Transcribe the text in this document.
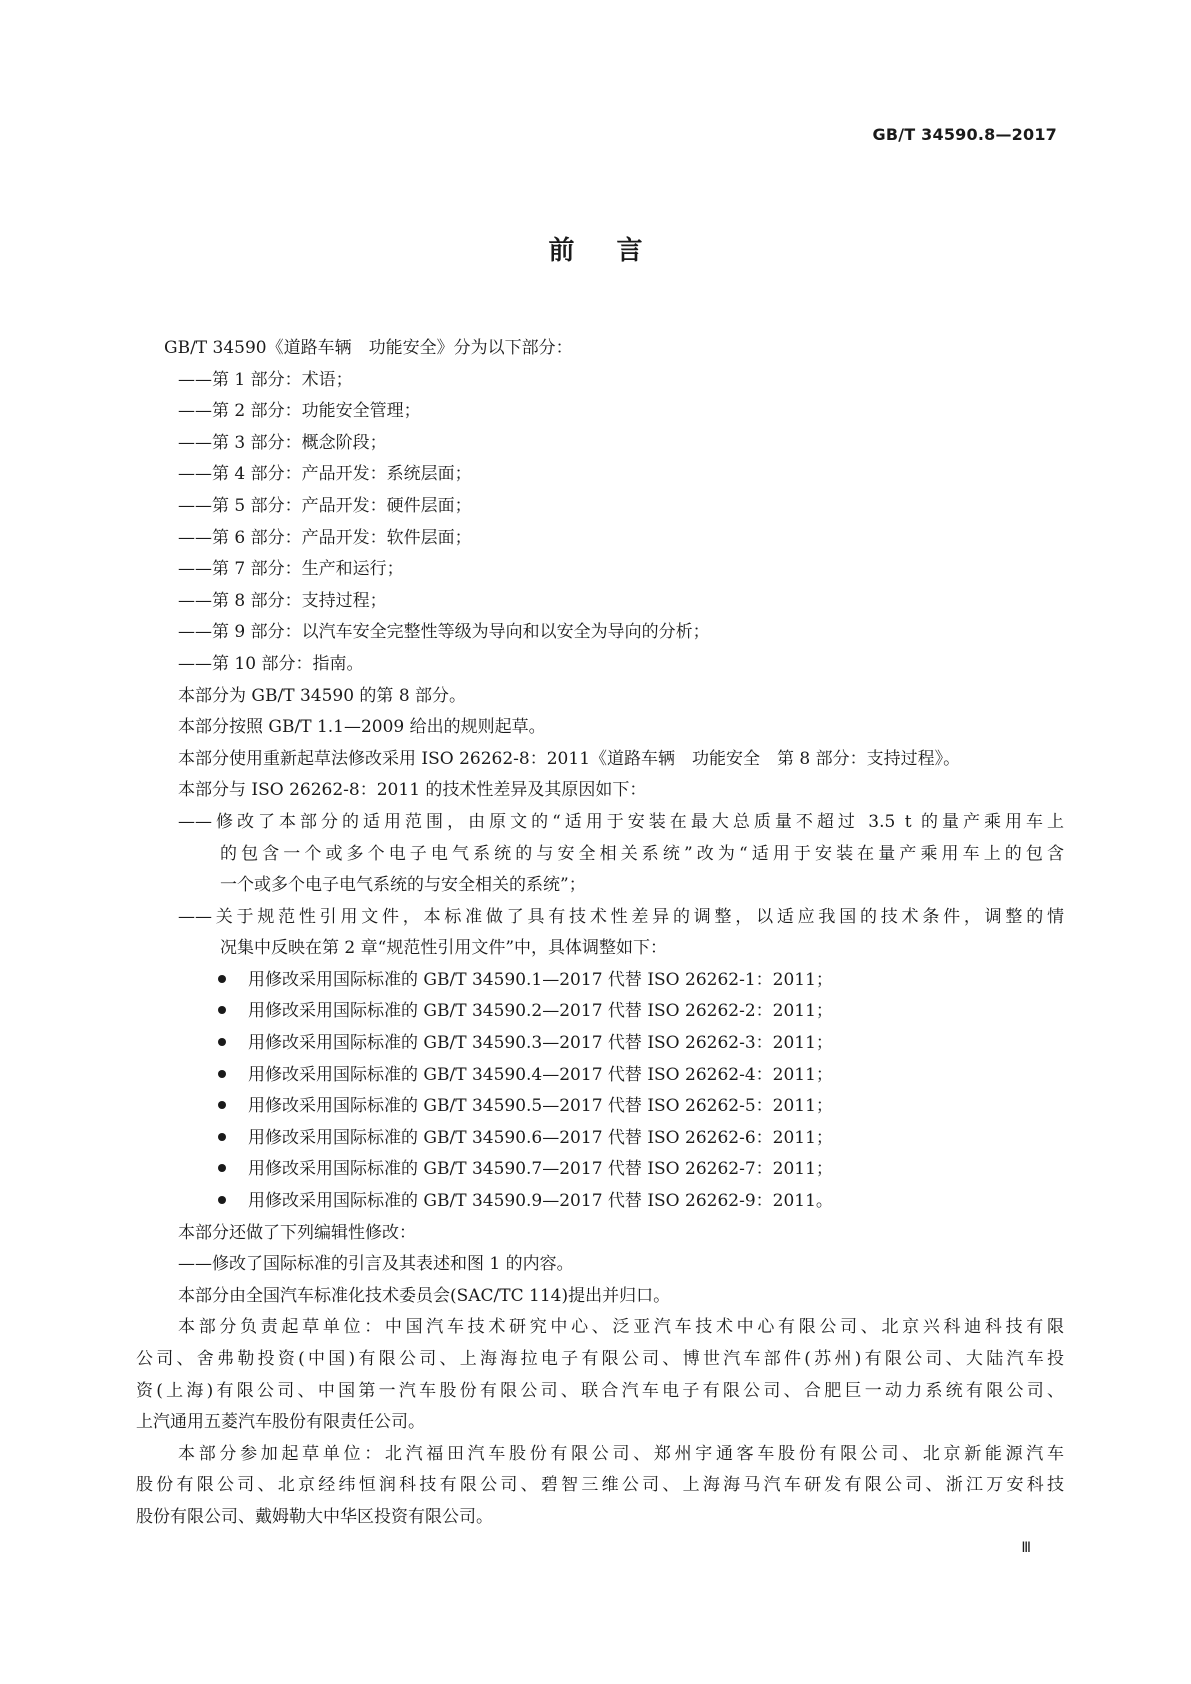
GB/T 34590.8—2017
前言
GB/T 34590《道路车辆　功能安全》分为以下部分：
——第 1 部分：术语；
——第 2 部分：功能安全管理；
——第 3 部分：概念阶段；
——第 4 部分：产品开发：系统层面；
——第 5 部分：产品开发：硬件层面；
——第 6 部分：产品开发：软件层面；
——第 7 部分：生产和运行；
——第 8 部分：支持过程；
——第 9 部分：以汽车安全完整性等级为导向和以安全为导向的分析；
——第 10 部分：指南。
本部分为 GB/T 34590 的第 8 部分。
本部分按照 GB/T 1.1—2009 给出的规则起草。
本部分使用重新起草法修改采用 ISO 26262-8：2011《道路车辆　功能安全　第 8 部分：支持过程》。
本部分与 ISO 26262-8：2011 的技术性差异及其原因如下：
——修改了本部分的适用范围，由原文的“适用于安装在最大总质量不超过 3.5 t 的量产乘用车上
的包含一个或多个电子电气系统的与安全相关系统”改为“适用于安装在量产乘用车上的包含
一个或多个电子电气系统的与安全相关的系统”；
——关于规范性引用文件，本标准做了具有技术性差异的调整，以适应我国的技术条件，调整的情
况集中反映在第 2 章“规范性引用文件”中，具体调整如下：
用修改采用国际标准的 GB/T 34590.1—2017 代替 ISO 26262-1：2011；
用修改采用国际标准的 GB/T 34590.2—2017 代替 ISO 26262-2：2011；
用修改采用国际标准的 GB/T 34590.3—2017 代替 ISO 26262-3：2011；
用修改采用国际标准的 GB/T 34590.4—2017 代替 ISO 26262-4：2011；
用修改采用国际标准的 GB/T 34590.5—2017 代替 ISO 26262-5：2011；
用修改采用国际标准的 GB/T 34590.6—2017 代替 ISO 26262-6：2011；
用修改采用国际标准的 GB/T 34590.7—2017 代替 ISO 26262-7：2011；
用修改采用国际标准的 GB/T 34590.9—2017 代替 ISO 26262-9：2011。
本部分还做了下列编辑性修改：
——修改了国际标准的引言及其表述和图 1 的内容。
本部分由全国汽车标准化技术委员会(SAC/TC 114)提出并归口。
本部分负责起草单位：中国汽车技术研究中心、泛亚汽车技术中心有限公司、北京兴科迪科技有限
公司、舍弗勒投资(中国)有限公司、上海海拉电子有限公司、博世汽车部件(苏州)有限公司、大陆汽车投
资(上海)有限公司、中国第一汽车股份有限公司、联合汽车电子有限公司、合肥巨一动力系统有限公司、
上汽通用五菱汽车股份有限责任公司。
本部分参加起草单位：北汽福田汽车股份有限公司、郑州宇通客车股份有限公司、北京新能源汽车
股份有限公司、北京经纬恒润科技有限公司、碧智三维公司、上海海马汽车研发有限公司、浙江万安科技
股份有限公司、戴姆勒大中华区投资有限公司。
Ⅲ
